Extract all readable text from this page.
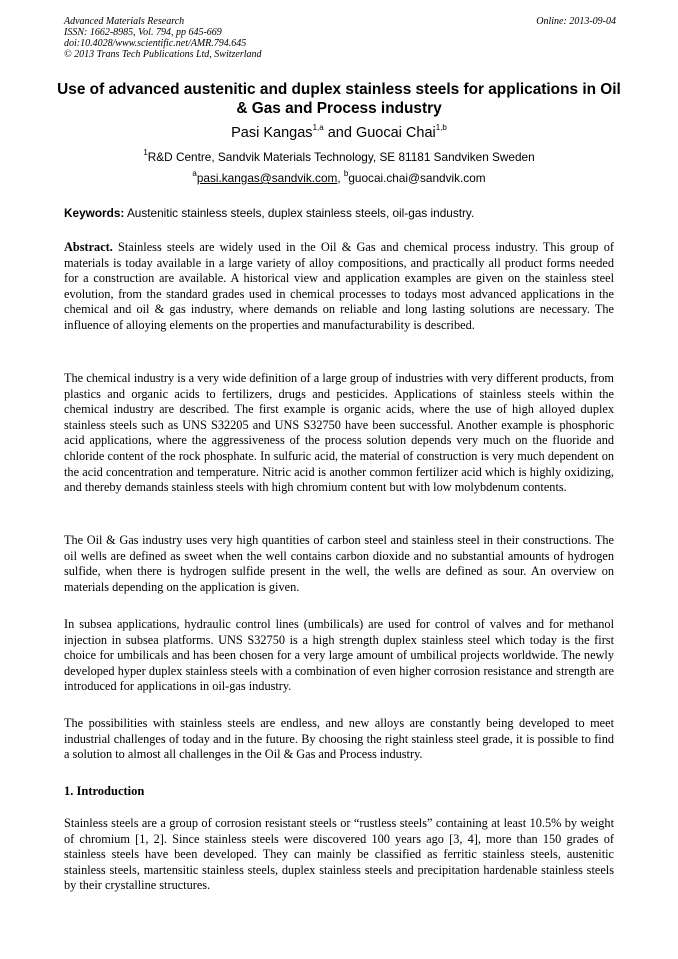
Advanced Materials Research
ISSN: 1662-8985, Vol. 794, pp 645-669
doi:10.4028/www.scientific.net/AMR.794.645
© 2013 Trans Tech Publications Ltd, Switzerland
Online: 2013-09-04
Use of advanced austenitic and duplex stainless steels for applications in Oil & Gas and Process industry
Pasi Kangas$^{1,a}$ and Guocai Chai$^{1,b}$
$^1$R&D Centre, Sandvik Materials Technology, SE 81181 Sandviken Sweden
$^a$pasi.kangas@sandvik.com, $^b$guocai.chai@sandvik.com
Keywords: Austenitic stainless steels, duplex stainless steels, oil-gas industry.

Abstract. Stainless steels are widely used in the Oil & Gas and chemical process industry. This group of materials is today available in a large variety of alloy compositions, and practically all product forms needed for a construction are available. A historical view and application examples are given on the stainless steel evolution, from the standard grades used in chemical processes to todays most advanced applications in the chemical and oil & gas industry, where demands on reliable and long lasting solutions are necessary. The influence of alloying elements on the properties and manufacturability is described.

The chemical industry is a very wide definition of a large group of industries with very different products, from plastics and organic acids to fertilizers, drugs and pesticides. Applications of stainless steels within the chemical industry are described. The first example is organic acids, where the use of high alloyed duplex stainless steels such as UNS S32205 and UNS S32750 have been successful. Another example is phosphoric acid applications, where the aggressiveness of the process solution depends very much on the fluoride and chloride content of the rock phosphate. In sulfuric acid, the material of construction is very much dependent on the acid concentration and temperature. Nitric acid is another common fertilizer acid which is highly oxidizing, and thereby demands stainless steels with high chromium content but with low molybdenum contents.

The Oil & Gas industry uses very high quantities of carbon steel and stainless steel in their constructions. The oil wells are defined as sweet when the well contains carbon dioxide and no substantial amounts of hydrogen sulfide, when there is hydrogen sulfide present in the well, the wells are defined as sour. An overview on materials depending on the application is given.

In subsea applications, hydraulic control lines (umbilicals) are used for control of valves and for methanol injection in subsea platforms. UNS S32750 is a high strength duplex stainless steel which today is the first choice for umbilicals and has been chosen for a very large amount of umbilical projects worldwide. The newly developed hyper duplex stainless steels with a combination of even higher corrosion resistance and strength are introduced for applications in oil-gas industry.

The possibilities with stainless steels are endless, and new alloys are constantly being developed to meet industrial challenges of today and in the future. By choosing the right stainless steel grade, it is possible to find a solution to almost all challenges in the Oil & Gas and Process industry.

1. Introduction

Stainless steels are a group of corrosion resistant steels or “rustless steels” containing at least 10.5% by weight of chromium [1, 2]. Since stainless steels were discovered 100 years ago [3, 4], more than 150 grades of stainless steels have been developed. They can mainly be classified as ferritic stainless steels, austenitic stainless steels, martensitic stainless steels, duplex stainless steels and precipitation hardenable stainless steels by their crystalline structures.
